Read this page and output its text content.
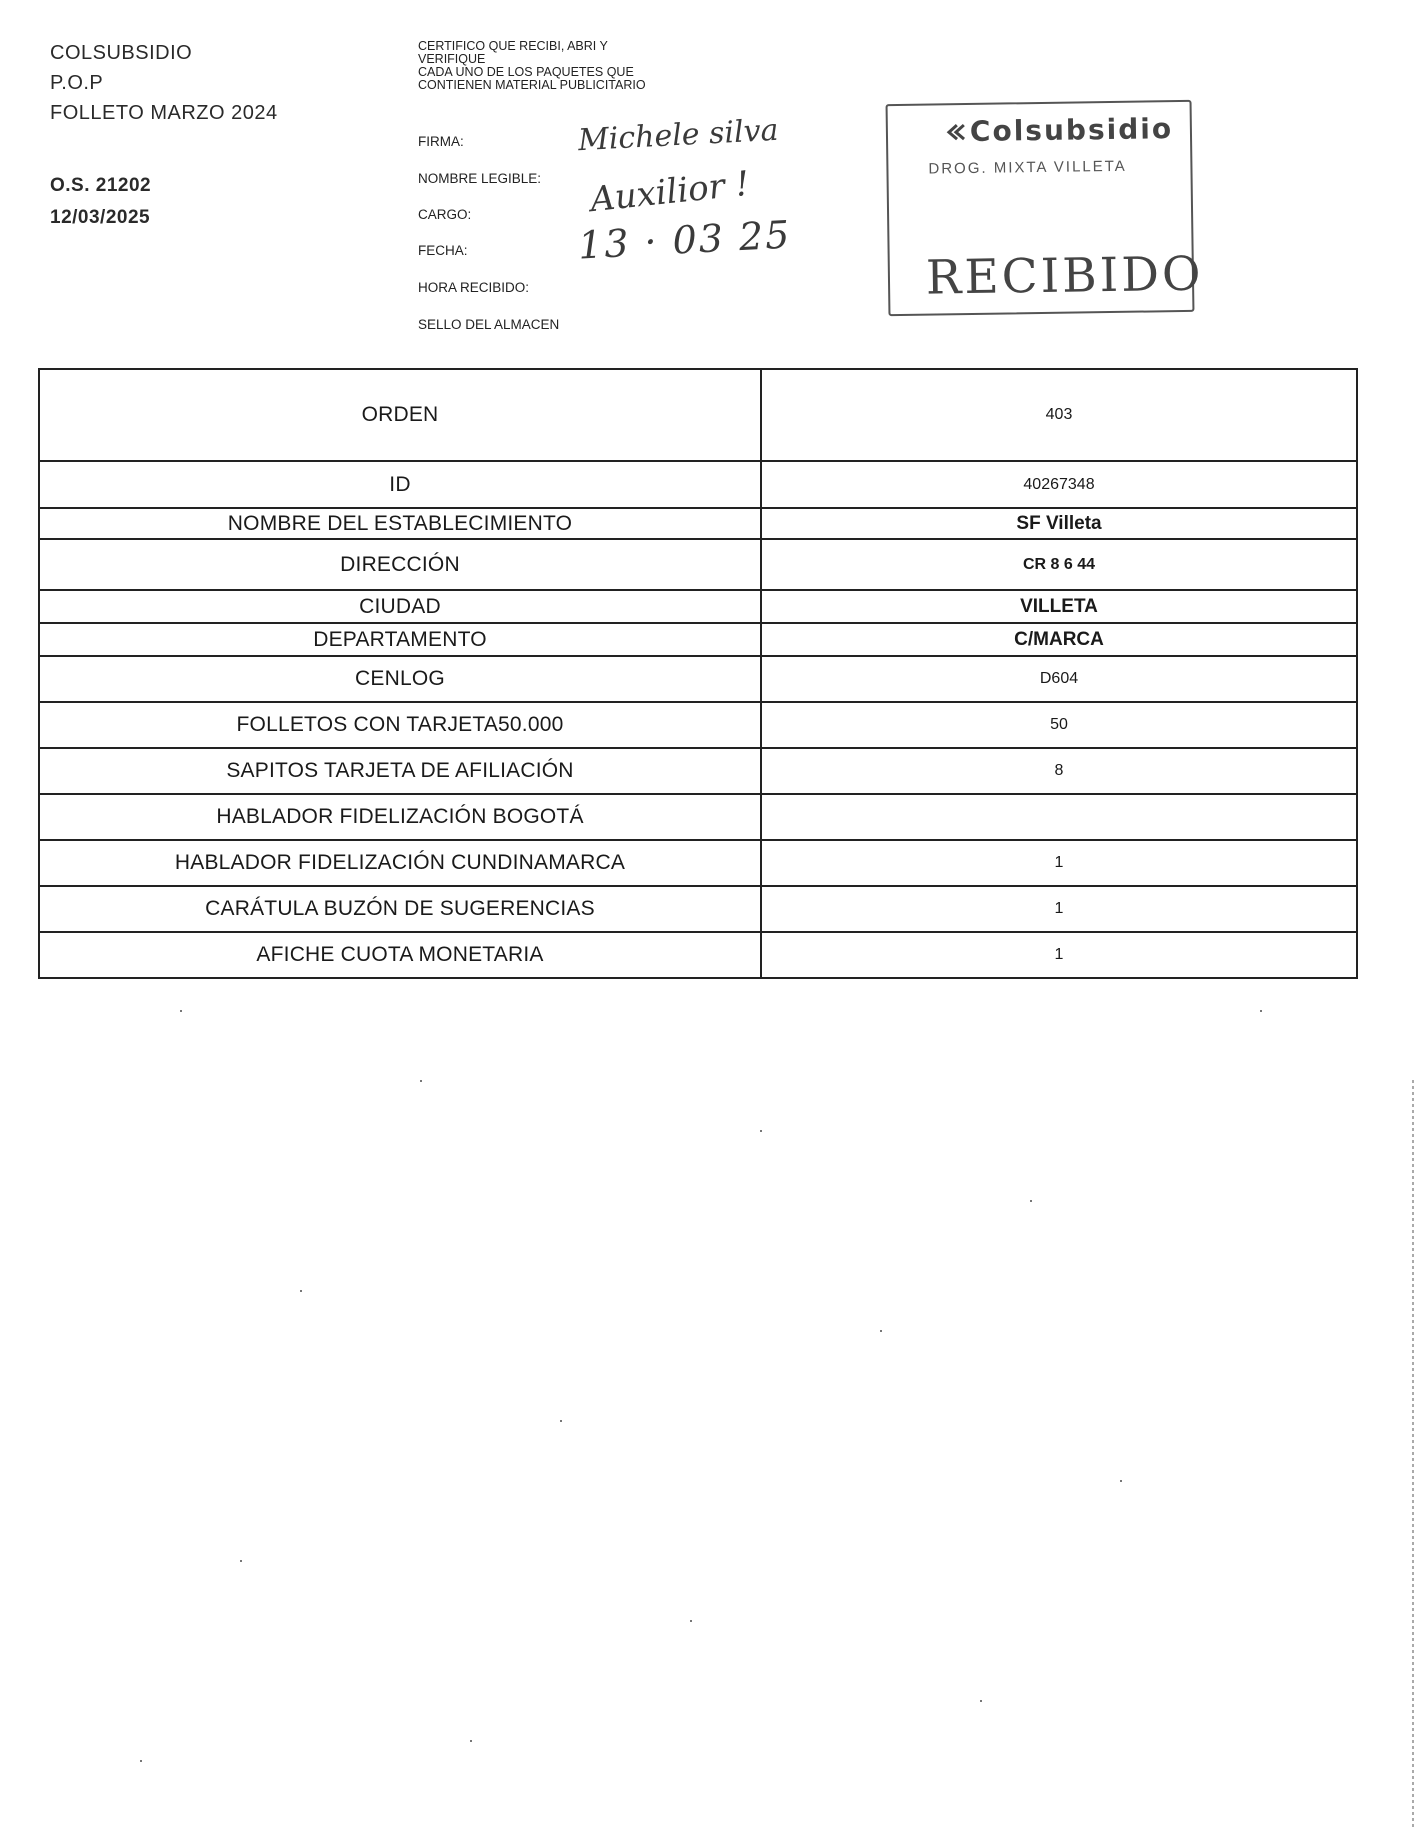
COLSUBSIDIO
P.O.P
FOLLETO MARZO 2024
O.S. 21202
12/03/2025
CERTIFICO QUE RECIBI, ABRI Y
VERIFIQUE
CADA UNO DE LOS PAQUETES QUE
CONTIENEN MATERIAL PUBLICITARIO
FIRMA:	Michele silva
NOMBRE LEGIBLE:
CARGO:	Auxilior !
FECHA:	13 · 03 25
HORA RECIBIDO:
SELLO DEL ALMACEN
Colsubsidio
DROG. MIXTA VILLETA
RECIBIDO
ORDEN	403
ID	40267348
NOMBRE DEL ESTABLECIMIENTO	SF Villeta
DIRECCIÓN	CR 8 6 44
CIUDAD	VILLETA
DEPARTAMENTO	C/MARCA
CENLOG	D604
FOLLETOS CON TARJETA50.000	50
SAPITOS TARJETA DE AFILIACIÓN	8
HABLADOR FIDELIZACIÓN BOGOTÁ	
HABLADOR FIDELIZACIÓN CUNDINAMARCA	1
CARÁTULA BUZÓN DE SUGERENCIAS	1
AFICHE CUOTA MONETARIA	1
